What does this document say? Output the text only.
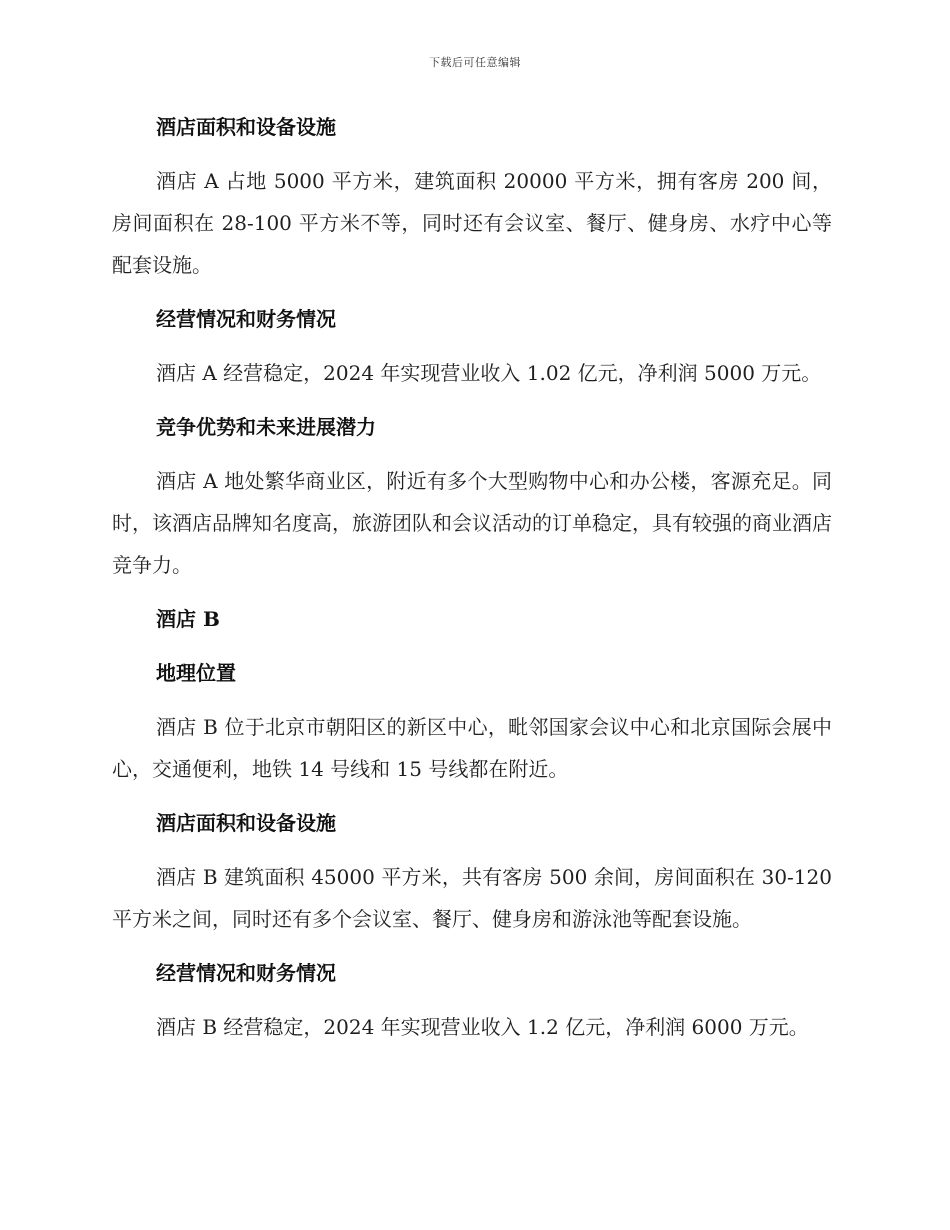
下载后可任意编辑
酒店面积和设备设施

酒店 A 占地 5000 平方米，建筑面积 20000 平方米，拥有客房 200 间，房间面积在 28-100 平方米不等，同时还有会议室、餐厅、健身房、水疗中心等配套设施。

经营情况和财务情况

酒店 A 经营稳定，2024 年实现营业收入 1.02 亿元，净利润 5000 万元。

竞争优势和未来进展潜力

酒店 A 地处繁华商业区，附近有多个大型购物中心和办公楼，客源充足。同时，该酒店品牌知名度高，旅游团队和会议活动的订单稳定，具有较强的商业酒店竞争力。

酒店 B
地理位置

酒店 B 位于北京市朝阳区的新区中心，毗邻国家会议中心和北京国际会展中心，交通便利，地铁 14 号线和 15 号线都在附近。

酒店面积和设备设施

酒店 B 建筑面积 45000 平方米，共有客房 500 余间，房间面积在 30-120 平方米之间，同时还有多个会议室、餐厅、健身房和游泳池等配套设施。

经营情况和财务情况

酒店 B 经营稳定，2024 年实现营业收入 1.2 亿元，净利润 6000 万元。
